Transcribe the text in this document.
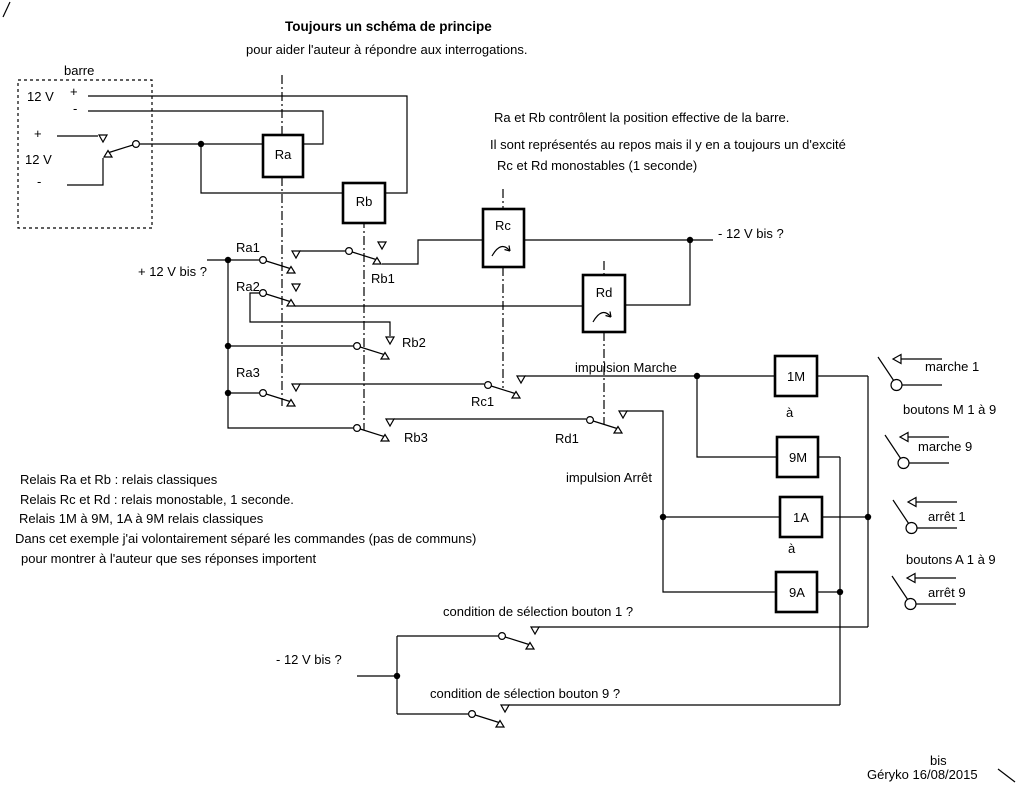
Toujours un schéma de principe
pour aider l'auteur à répondre aux interrogations.
Ra et Rb contrôlent la position effective de la barre.
Il sont représentés au repos mais il y en a toujours un d'excité
Rc et Rd monostables (1 seconde)
barre
12 V +
-
+
12 V
-
+ 12 V bis ?
- 12 V bis ?
- 12 V bis ?
Ra
Rb
Rc
Rd
1M
9M
1A
9A
Ra1
Ra2
Ra3
Rb1
Rb2
Rb3
Rc1
Rd1
impulsion Marche
impulsion Arrêt
à
à
boutons M 1 à 9
boutons A 1 à 9
marche 1
marche 9
arrêt 1
arrêt 9
condition de sélection bouton 1 ?
condition de sélection bouton 9 ?
Relais Ra et Rb : relais classiques
Relais Rc et Rd : relais monostable, 1 seconde.
Relais 1M à 9M, 1A à 9M relais classiques
Dans cet exemple j'ai volontairement séparé les commandes (pas de communs)
pour montrer à l'auteur que ses réponses importent
bis
Géryko 16/08/2015
